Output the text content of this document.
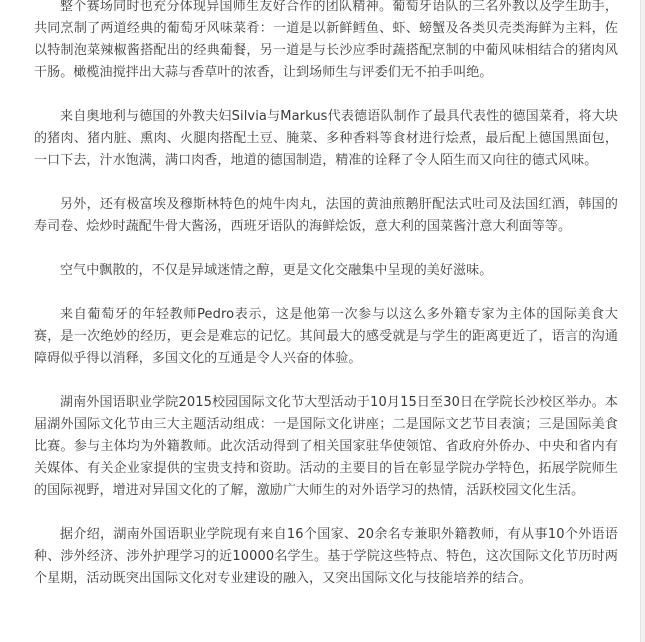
整个赛场同时也充分体现异国师生友好合作的团队精神。葡萄牙语队的三名外教以及学生助手，共同烹制了两道经典的葡萄牙风味菜肴：一道是以新鲜鳕鱼、虾、螃蟹及各类贝壳类海鲜为主料，佐以特制泡菜辣椒酱搭配出的经典葡餐，另一道是与长沙应季时蔬搭配烹制的中葡风味相结合的猪肉风干肠。橄榄油搅拌出大蒜与香草叶的浓香，让到场师生与评委们无不拍手叫绝。

来自奥地利与德国的外教夫妇Silvia与Markus代表德语队制作了最具代表性的德国菜肴，将大块的猪肉、猪内脏、熏肉、火腿肉搭配土豆、腌菜、多种香料等食材进行烩煮，最后配上德国黑面包，一口下去，汁水饱满，满口肉香，地道的德国制造，精准的诠释了令人陌生而又向往的德式风味。

另外，还有极富埃及穆斯林特色的炖牛肉丸，法国的黄油煎鹅肝配法式吐司及法国红酒，韩国的寿司卷、烩炒时蔬配牛骨大酱汤，西班牙语队的海鲜烩饭，意大利的国菜酱汁意大利面等等。

空气中飘散的，不仅是异域迷情之醇，更是文化交融集中呈现的美好滋味。

来自葡萄牙的年轻教师Pedro表示，这是他第一次参与以这么多外籍专家为主体的国际美食大赛，是一次绝妙的经历，更会是难忘的记忆。其间最大的感受就是与学生的距离更近了，语言的沟通障碍似乎得以消释，多国文化的互通是令人兴奋的体验。

湖南外国语职业学院2015校园国际文化节大型活动于10月15日至30日在学院长沙校区举办。本届湖外国际文化节由三大主题活动组成：一是国际文化讲座；二是国际文艺节目表演；三是国际美食比赛。参与主体均为外籍教师。此次活动得到了相关国家驻华使领馆、省政府外侨办、中央和省内有关媒体、有关企业家提供的宝贵支持和资助。活动的主要目的旨在彰显学院办学特色，拓展学院师生的国际视野，增进对异国文化的了解，激励广大师生的对外语学习的热情，活跃校园文化生活。

据介绍，湖南外国语职业学院现有来自16个国家、20余名专兼职外籍教师，有从事10个外语语种、涉外经济、涉外护理学习的近10000名学生。基于学院这些特点、特色，这次国际文化节历时两个星期，活动既突出国际文化对专业建设的融入，又突出国际文化与技能培养的结合。
